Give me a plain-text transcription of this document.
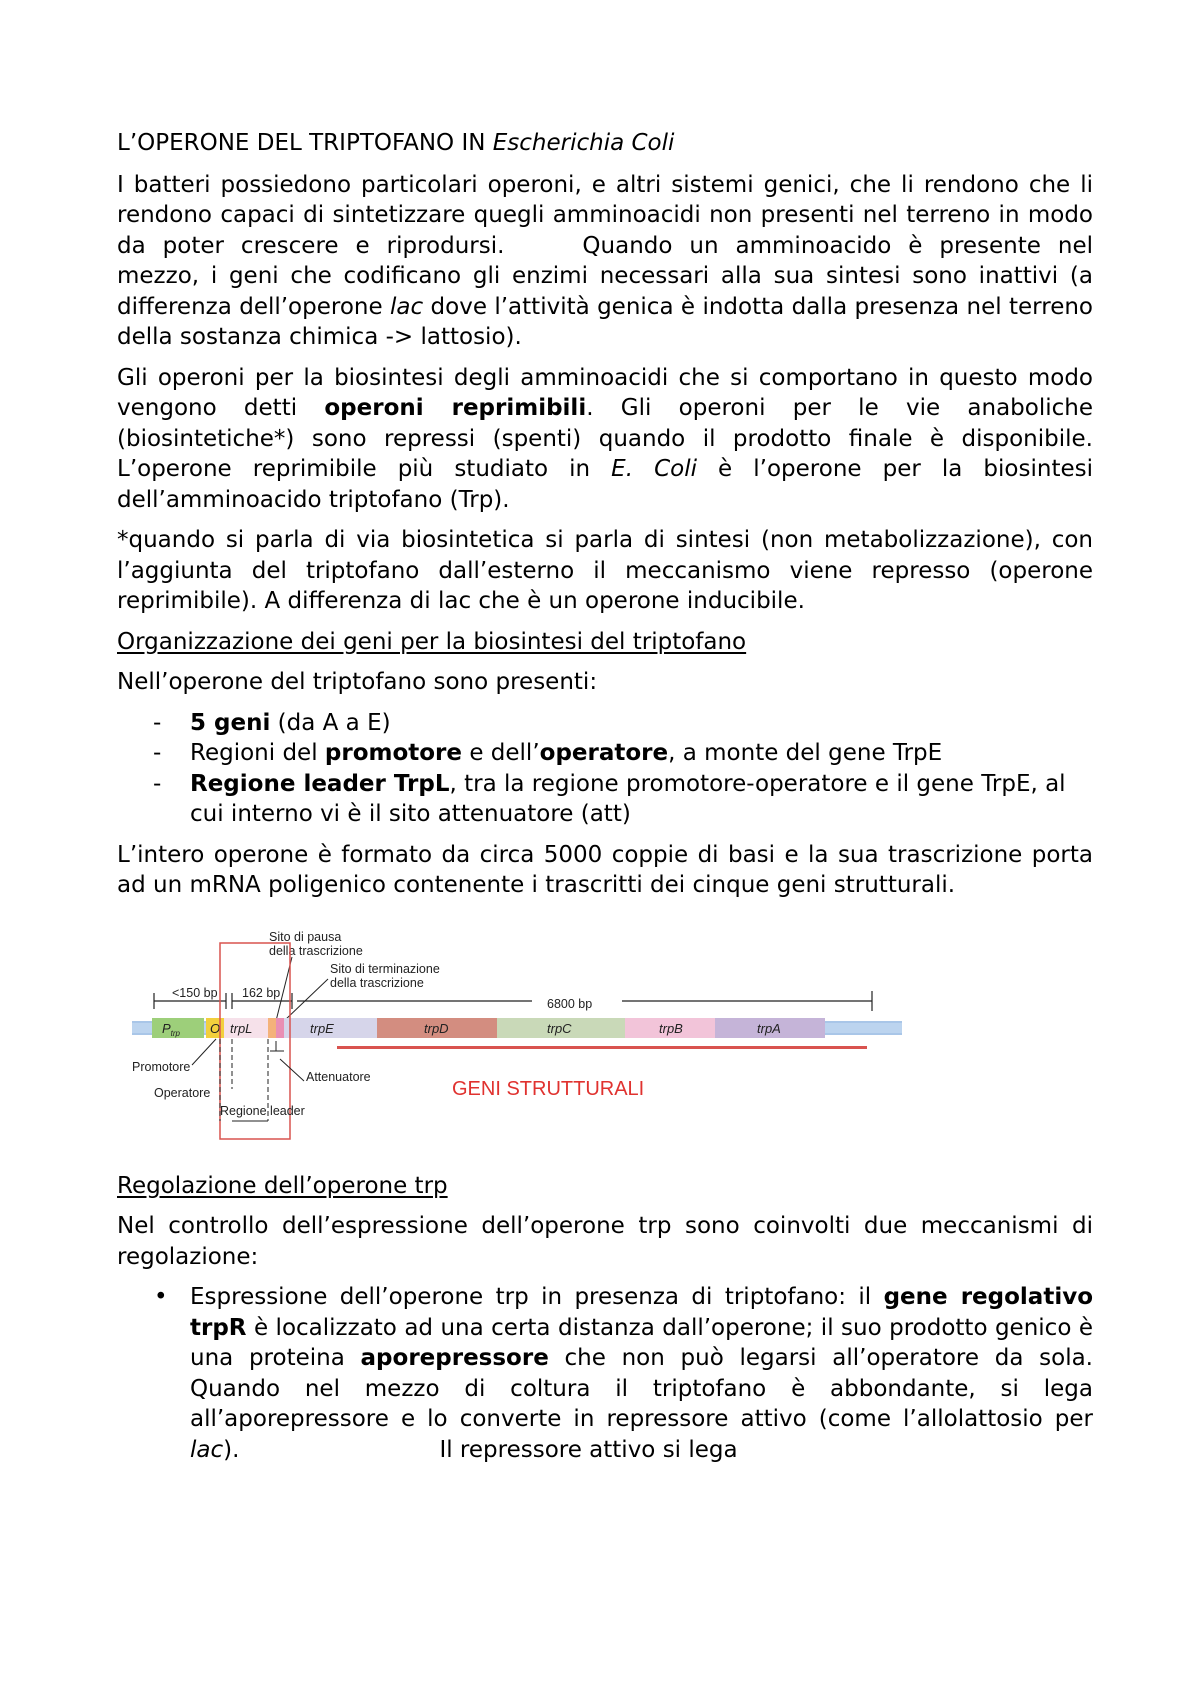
L’OPERONE DEL TRIPTOFANO IN Escherichia Coli

I batteri possiedono particolari operoni, e altri sistemi genici, che li rendono che li rendono capaci di sintetizzare quegli amminoacidi non presenti nel terreno in modo da poter crescere e riprodursi.	Quando un amminoacido è presente nel mezzo, i geni che codificano gli enzimi necessari alla sua sintesi sono inattivi (a differenza dell’operone lac dove l’attività genica è indotta dalla presenza nel terreno della sostanza chimica -> lattosio).

Gli operoni per la biosintesi degli amminoacidi che si comportano in questo modo vengono detti operoni reprimibili. Gli operoni per le vie anaboliche (biosintetiche*) sono repressi (spenti) quando il prodotto finale è disponibile. L’operone reprimibile più studiato in E. Coli è l’operone per la biosintesi dell’amminoacido triptofano (Trp).

*quando si parla di via biosintetica si parla di sintesi (non metabolizzazione), con l’aggiunta del triptofano dall’esterno il meccanismo viene represso (operone reprimibile). A differenza di lac che è un operone inducibile.

Organizzazione dei geni per la biosintesi del triptofano

Nell’operone del triptofano sono presenti:

- 5 geni (da A a E)
- Regioni del promotore e dell’operatore, a monte del gene TrpE
- Regione leader TrpL, tra la regione promotore-operatore e il gene TrpE, al cui interno vi è il sito attenuatore (att)

L’intero operone è formato da circa 5000 coppie di basi e la sua trascrizione porta ad un mRNA poligenico contenente i trascritti dei cinque geni strutturali.

<150 bp 162 bp
6800 bp
Sito di pausa
della trascrizione
Sito di terminazione
della trascrizione
$P_{trp}$ O trpL	trpE	trpD	trpC	trpB	trpA
Promotore
Operatore
Regione leader
Attenuatore
GENI STRUTTURALI

Regolazione dell’operone trp

Nel controllo dell’espressione dell’operone trp sono coinvolti due meccanismi di regolazione:

• Espressione dell’operone trp in presenza di triptofano: il gene regolativo trpR è localizzato ad una certa distanza dall’operone; il suo prodotto genico è una proteina aporepressore che non può legarsi all’operatore da sola. Quando nel mezzo di coltura il triptofano è abbondante, si lega all’aporepressore e lo converte in repressore attivo (come l’allolattosio per lac).	Il repressore attivo si lega
